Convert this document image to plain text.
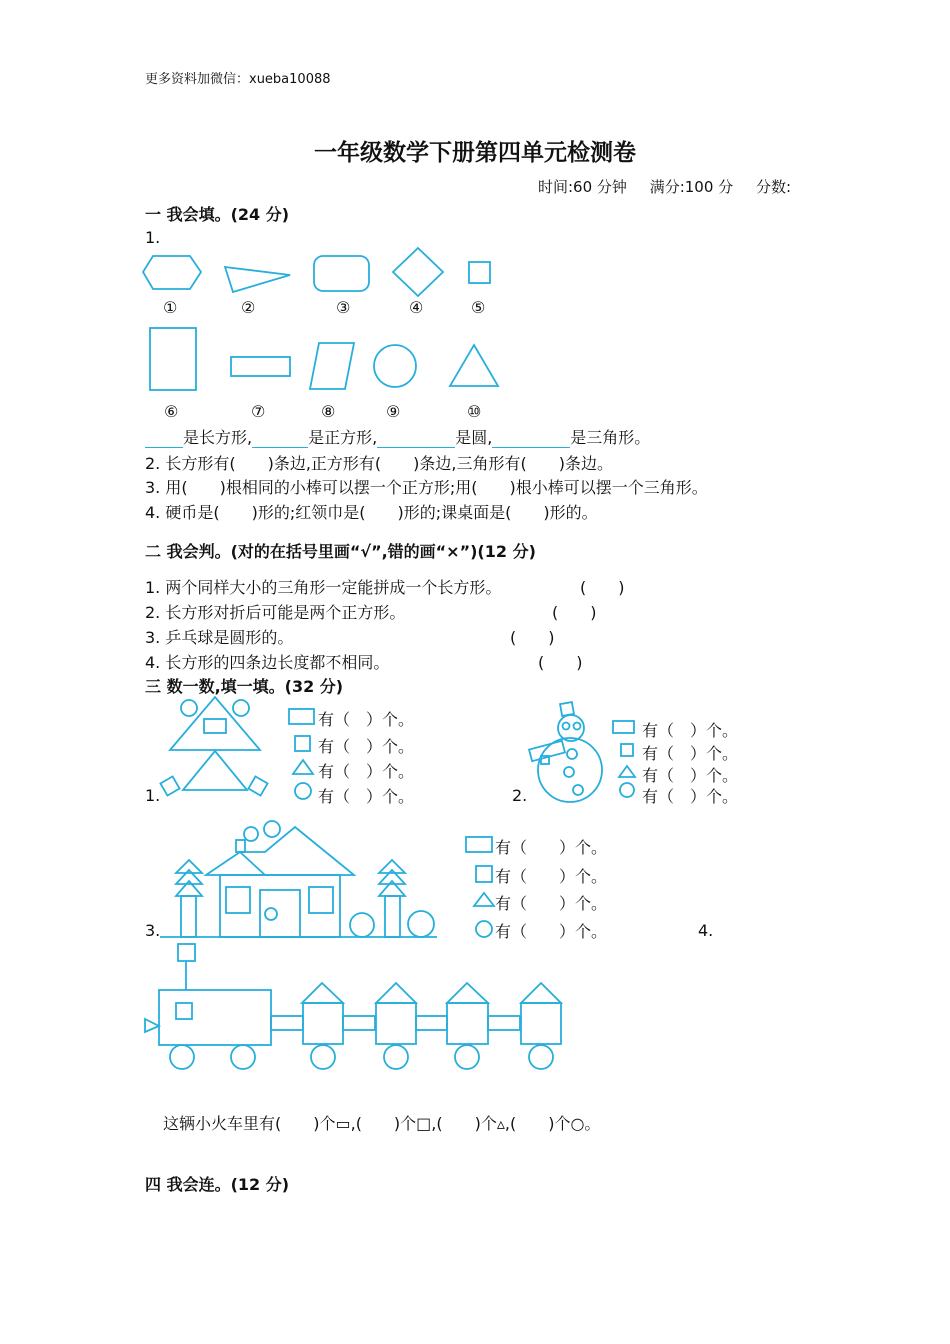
更多资料加微信：xueba10088
一年级数学下册第四单元检测卷
时间:60 分钟 满分:100 分 分数:
一 我会填。(24 分)
1.
①	②	③	④	⑤
⑥	⑦	⑧	⑨	⑩
是长方形,	是正方形,	是圆,	是三角形。
2. 长方形有(　　)条边,正方形有(　　)条边,三角形有(　　)条边。
3. 用(　　)根相同的小棒可以摆一个正方形;用(　　)根小棒可以摆一个三角形。
4. 硬币是(　　)形的;红领巾是(　　)形的;课桌面是(　　)形的。
二 我会判。(对的在括号里画“√”,错的画“×”)(12 分)
1. 两个同样大小的三角形一定能拼成一个长方形。	(　　)
2. 长方形对折后可能是两个正方形。	(　　)
3. 乒乓球是圆形的。	(　　)
4. 长方形的四条边长度都不相同。	(　　)
三 数一数,填一填。(32 分)
有（　）个。
有（　）个。
有（　）个。
有（　）个。
1.
有（　）个。
有（　）个。
有（　）个。
有（　）个。
2.
有（　　）个。
有（　　）个。
有（　　）个。
有（　　）个。
3.	4.
这辆小火车里有(　　)个▭,(　　)个□,(　　)个▵,(　　)个○。
四 我会连。(12 分)
